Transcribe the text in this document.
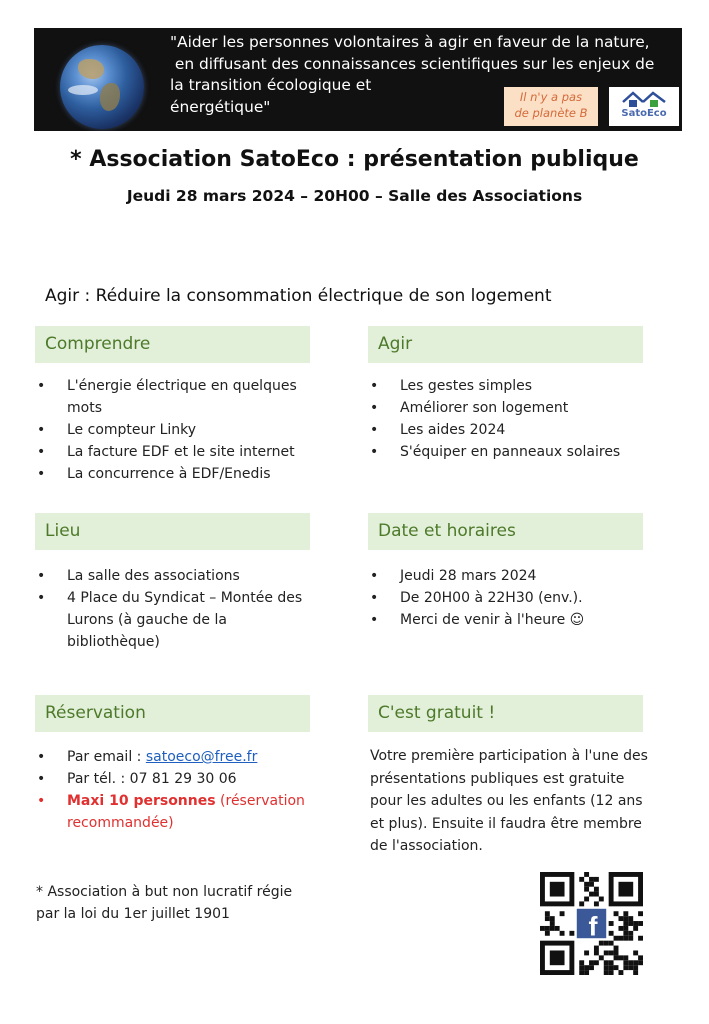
"Aider les personnes volontaires à agir en faveur de la nature,
en diffusant des connaissances scientifiques sur les enjeux de
la transition écologique et
énergétique"
Il n'y a pas
de planète B	SatoEco
* Association SatoEco : présentation publique
Jeudi 28 mars 2024 – 20H00 – Salle des Associations
Agir : Réduire la consommation électrique de son logement
Comprendre
• L'énergie électrique en quelques mots
• Le compteur Linky
• La facture EDF et le site internet
• La concurrence à EDF/Enedis
Agir
• Les gestes simples
• Améliorer son logement
• Les aides 2024
• S'équiper en panneaux solaires
Lieu
• La salle des associations
• 4 Place du Syndicat – Montée des Lurons (à gauche de la bibliothèque)
Date et horaires
• Jeudi 28 mars 2024
• De 20H00 à 22H30 (env.).
• Merci de venir à l'heure ☺
Réservation
• Par email : satoeco@free.fr
• Par tél. : 07 81 29 30 06
• Maxi 10 personnes (réservation recommandée)
C'est gratuit !
Votre première participation à l'une des présentations publiques est gratuite pour les adultes ou les enfants (12 ans et plus). Ensuite il faudra être membre de l'association.
* Association à but non lucratif régie par la loi du 1er juillet 1901	f
